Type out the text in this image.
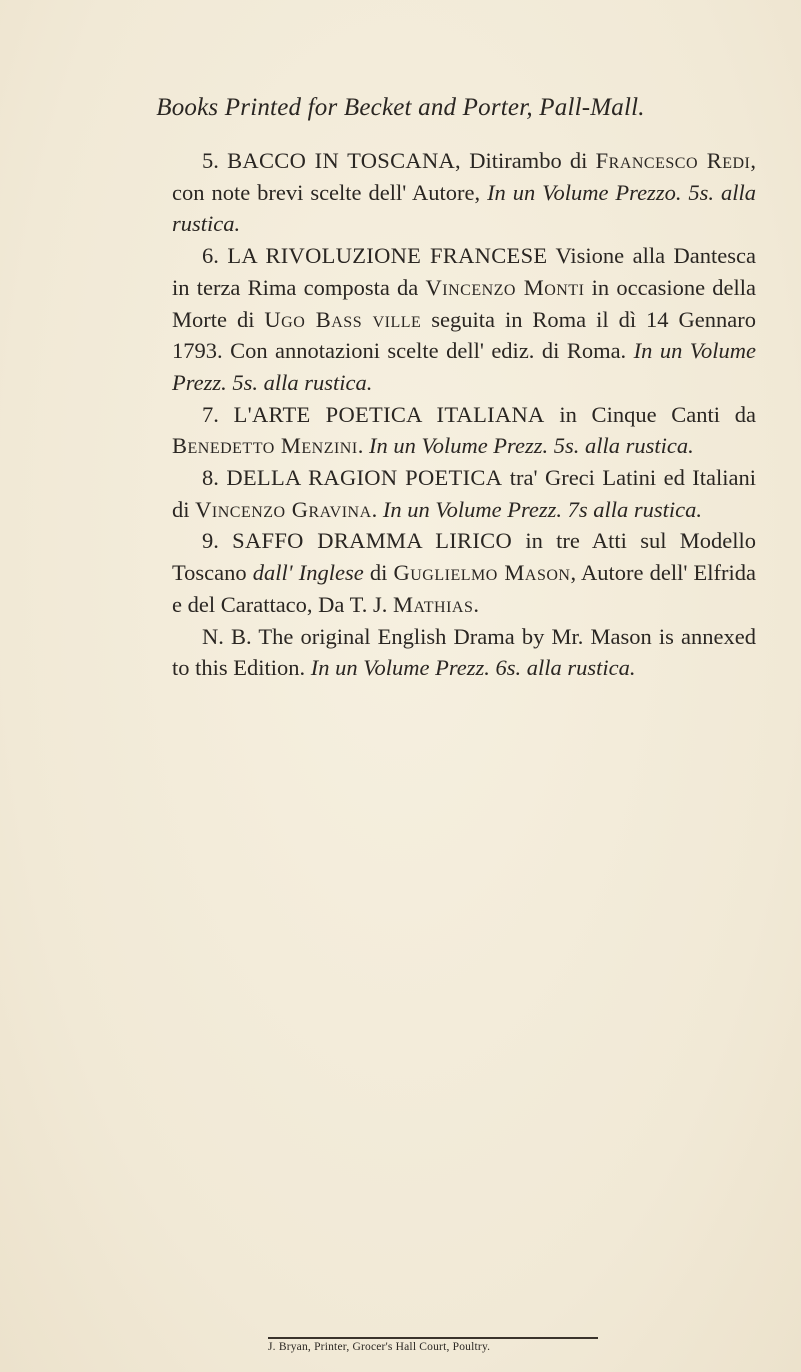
Books Printed for Becket and Porter, Pall-Mall.

5. BACCO IN TOSCANA, Ditirambo di Francesco Redi, con note brevi scelte dell' Autore, In un Volume Prezzo. 5s. alla rustica.

6. LA RIVOLUZIONE FRANCESE Visione alla Dantesca in terza Rima composta da Vincenzo Monti in occasione della Morte di Ugo Bass ville seguita in Roma il dì 14 Gennaro 1793. Con annotazioni scelte dell' ediz. di Roma. In un Volume Prezz. 5s. alla rustica.

7. L'ARTE POETICA ITALIANA in Cinque Canti da Benedetto Menzini. In un Volume Prezz. 5s. alla rustica.

8. DELLA RAGION POETICA tra' Greci Latini ed Italiani di Vincenzo Gravina. In un Volume Prezz. 7s alla rustica.

9. SAFFO DRAMMA LIRICO in tre Atti sul Modello Toscano dall' Inglese di Guglielmo Mason, Autore dell' Elfrida e del Carattaco, Da T. J. Mathias.

N. B. The original English Drama by Mr. Mason is annexed to this Edition. In un Volume Prezz. 6s. alla rustica.

J. Bryan, Printer, Grocer's Hall Court, Poultry.
